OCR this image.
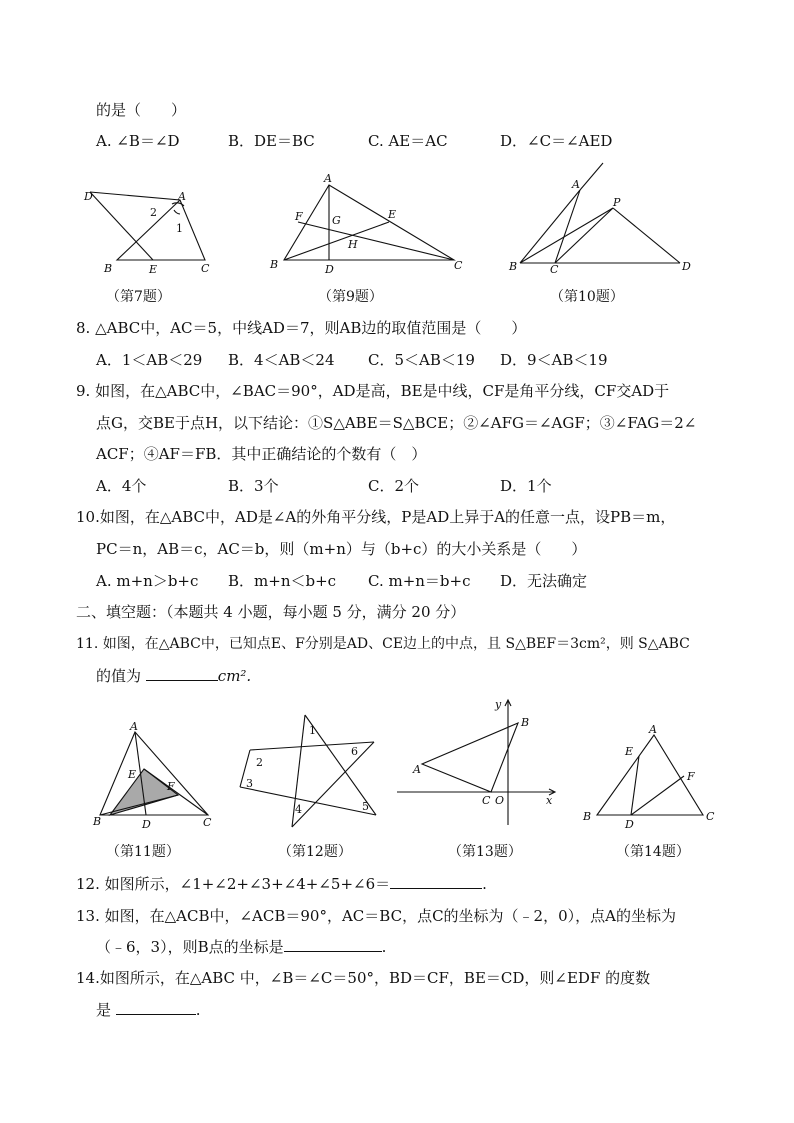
的是（　　）
A. ∠B＝∠D	B．DE＝BC	C. AE＝AC	D．∠C＝∠AED
D	A
2
1
B	E	C
（第7题）
A
F	G	E
H
B	D	C
（第9题）
A
P
B	C	D
（第10题）
8. △ABC中，AC＝5，中线AD＝7，则AB边的取值范围是（　　）
A．1＜AB＜29 B．4＜AB＜24 C．5＜AB＜19 D．9＜AB＜19
9. 如图，在△ABC中，∠BAC＝90°，AD是高，BE是中线，CF是角平分线，CF交AD于
点G，交BE于点H，以下结论：①S△ABE＝S△BCE；②∠AFG＝∠AGF；③∠FAG＝2∠
ACF；④AF＝FB．其中正确结论的个数有（　）
A．4个	B．3个	C．2个	D．1个
10.如图，在△ABC中，AD是∠A的外角平分线，P是AD上异于A的任意一点，设PB＝m，
PC＝n，AB＝c，AC＝b，则（m+n）与（b+c）的大小关系是（　　）
A. m+n＞b+c B．m+n＜b+c C. m+n＝b+c D．无法确定
二、填空题：（本题共 4 小题，每小题 5 分，满分 20 分）
11. 如图，在△ABC中，已知点E、F分别是AD、CE边上的中点，且 S△BEF＝3cm²，则 S△ABC
的值为	cm².
A
E
F
B	D	C
（第11题）
1
2
3
4	5
6
（第12题）
y
B
A
C O	x
（第13题）
A
E
F
B
D
C
（第14题）
12. 如图所示，∠1+∠2+∠3+∠4+∠5+∠6＝	.
13. 如图，在△ACB中，∠ACB＝90°，AC＝BC，点C的坐标为（﹣2，0），点A的坐标为
（﹣6，3），则B点的坐标是	.
14.如图所示，在△ABC 中，∠B＝∠C＝50°，BD＝CF，BE＝CD，则∠EDF 的度数
是	.
